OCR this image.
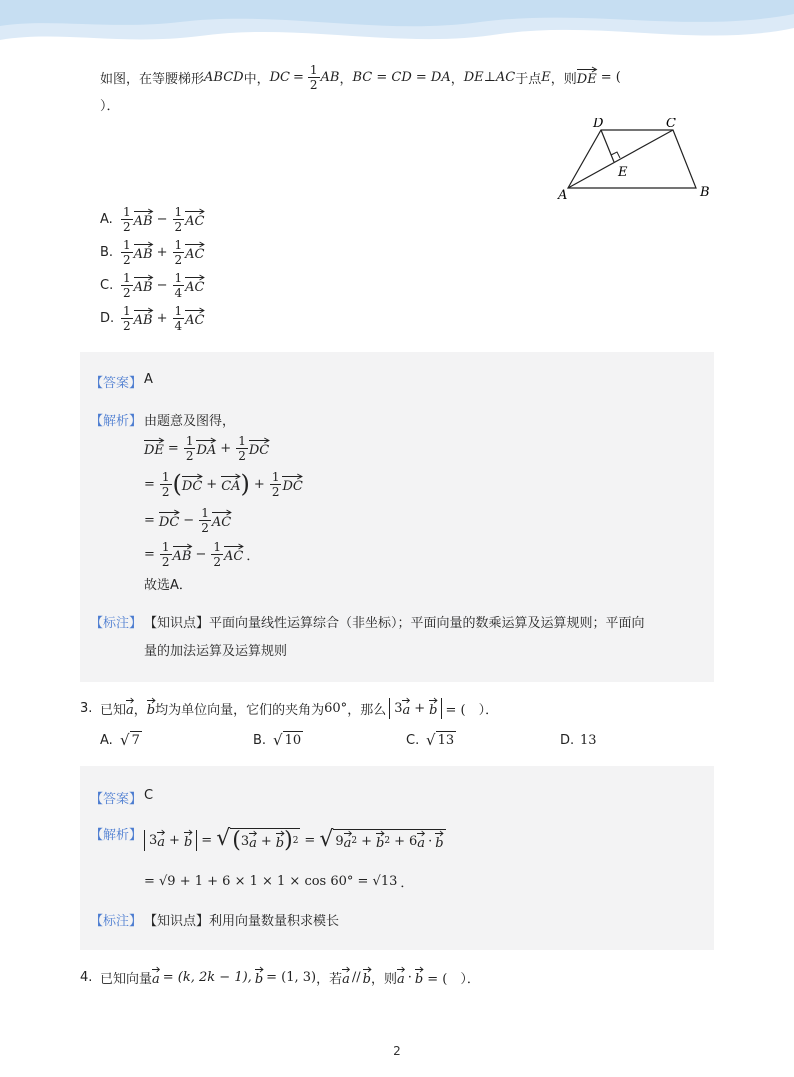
如图，在等腰梯形 ABCD 中， DC = $\frac{1}{2}$ AB ， BC = CD = DA ， DE⊥AC 于点 E ，则 DE = (
）．
A	B
C
D
E
A. $\frac{1}{2}$ AB − $\frac{1}{2}$ AC
B. $\frac{1}{2}$ AB + $\frac{1}{2}$ AC
C. $\frac{1}{2}$ AB − $\frac{1}{4}$ AC
D. $\frac{1}{2}$ AB + $\frac{1}{4}$ AC
【答案】 A
【解析】 由题意及图得，
DE = $\frac{1}{2}$ DA + $\frac{1}{2}$ DC
= $\frac{1}{2}$ ( DC + CA ) + $\frac{1}{2}$ DC
= DC − $\frac{1}{2}$ AC
= $\frac{1}{2}$ AB − $\frac{1}{2}$ AC ．
故选A．
【标注】 【知识点】平面向量线性运算综合（非坐标）；平面向量的数乘运算及运算规则；平面向
量的加法运算及运算规则
3. 已知 a ， b 均为单位向量，它们的夹角为 60° ，那么 3 a + b = (　）．
A. √ 7	B. √ 10	C. √ 13	D. 13
【答案】 C
【解析】 3 a + b = √ ( 3 a + b ) 2 = √ 9 a 2 + b 2 + 6 a · b
= √9 + 1 + 6 × 1 × 1 × cos 60° = √13 ．
【标注】 【知识点】利用向量数量积求模长
4. 已知向量 a = (k, 2k − 1), b = (1, 3) ，若 a // b ，则 a · b = (　）．
2
